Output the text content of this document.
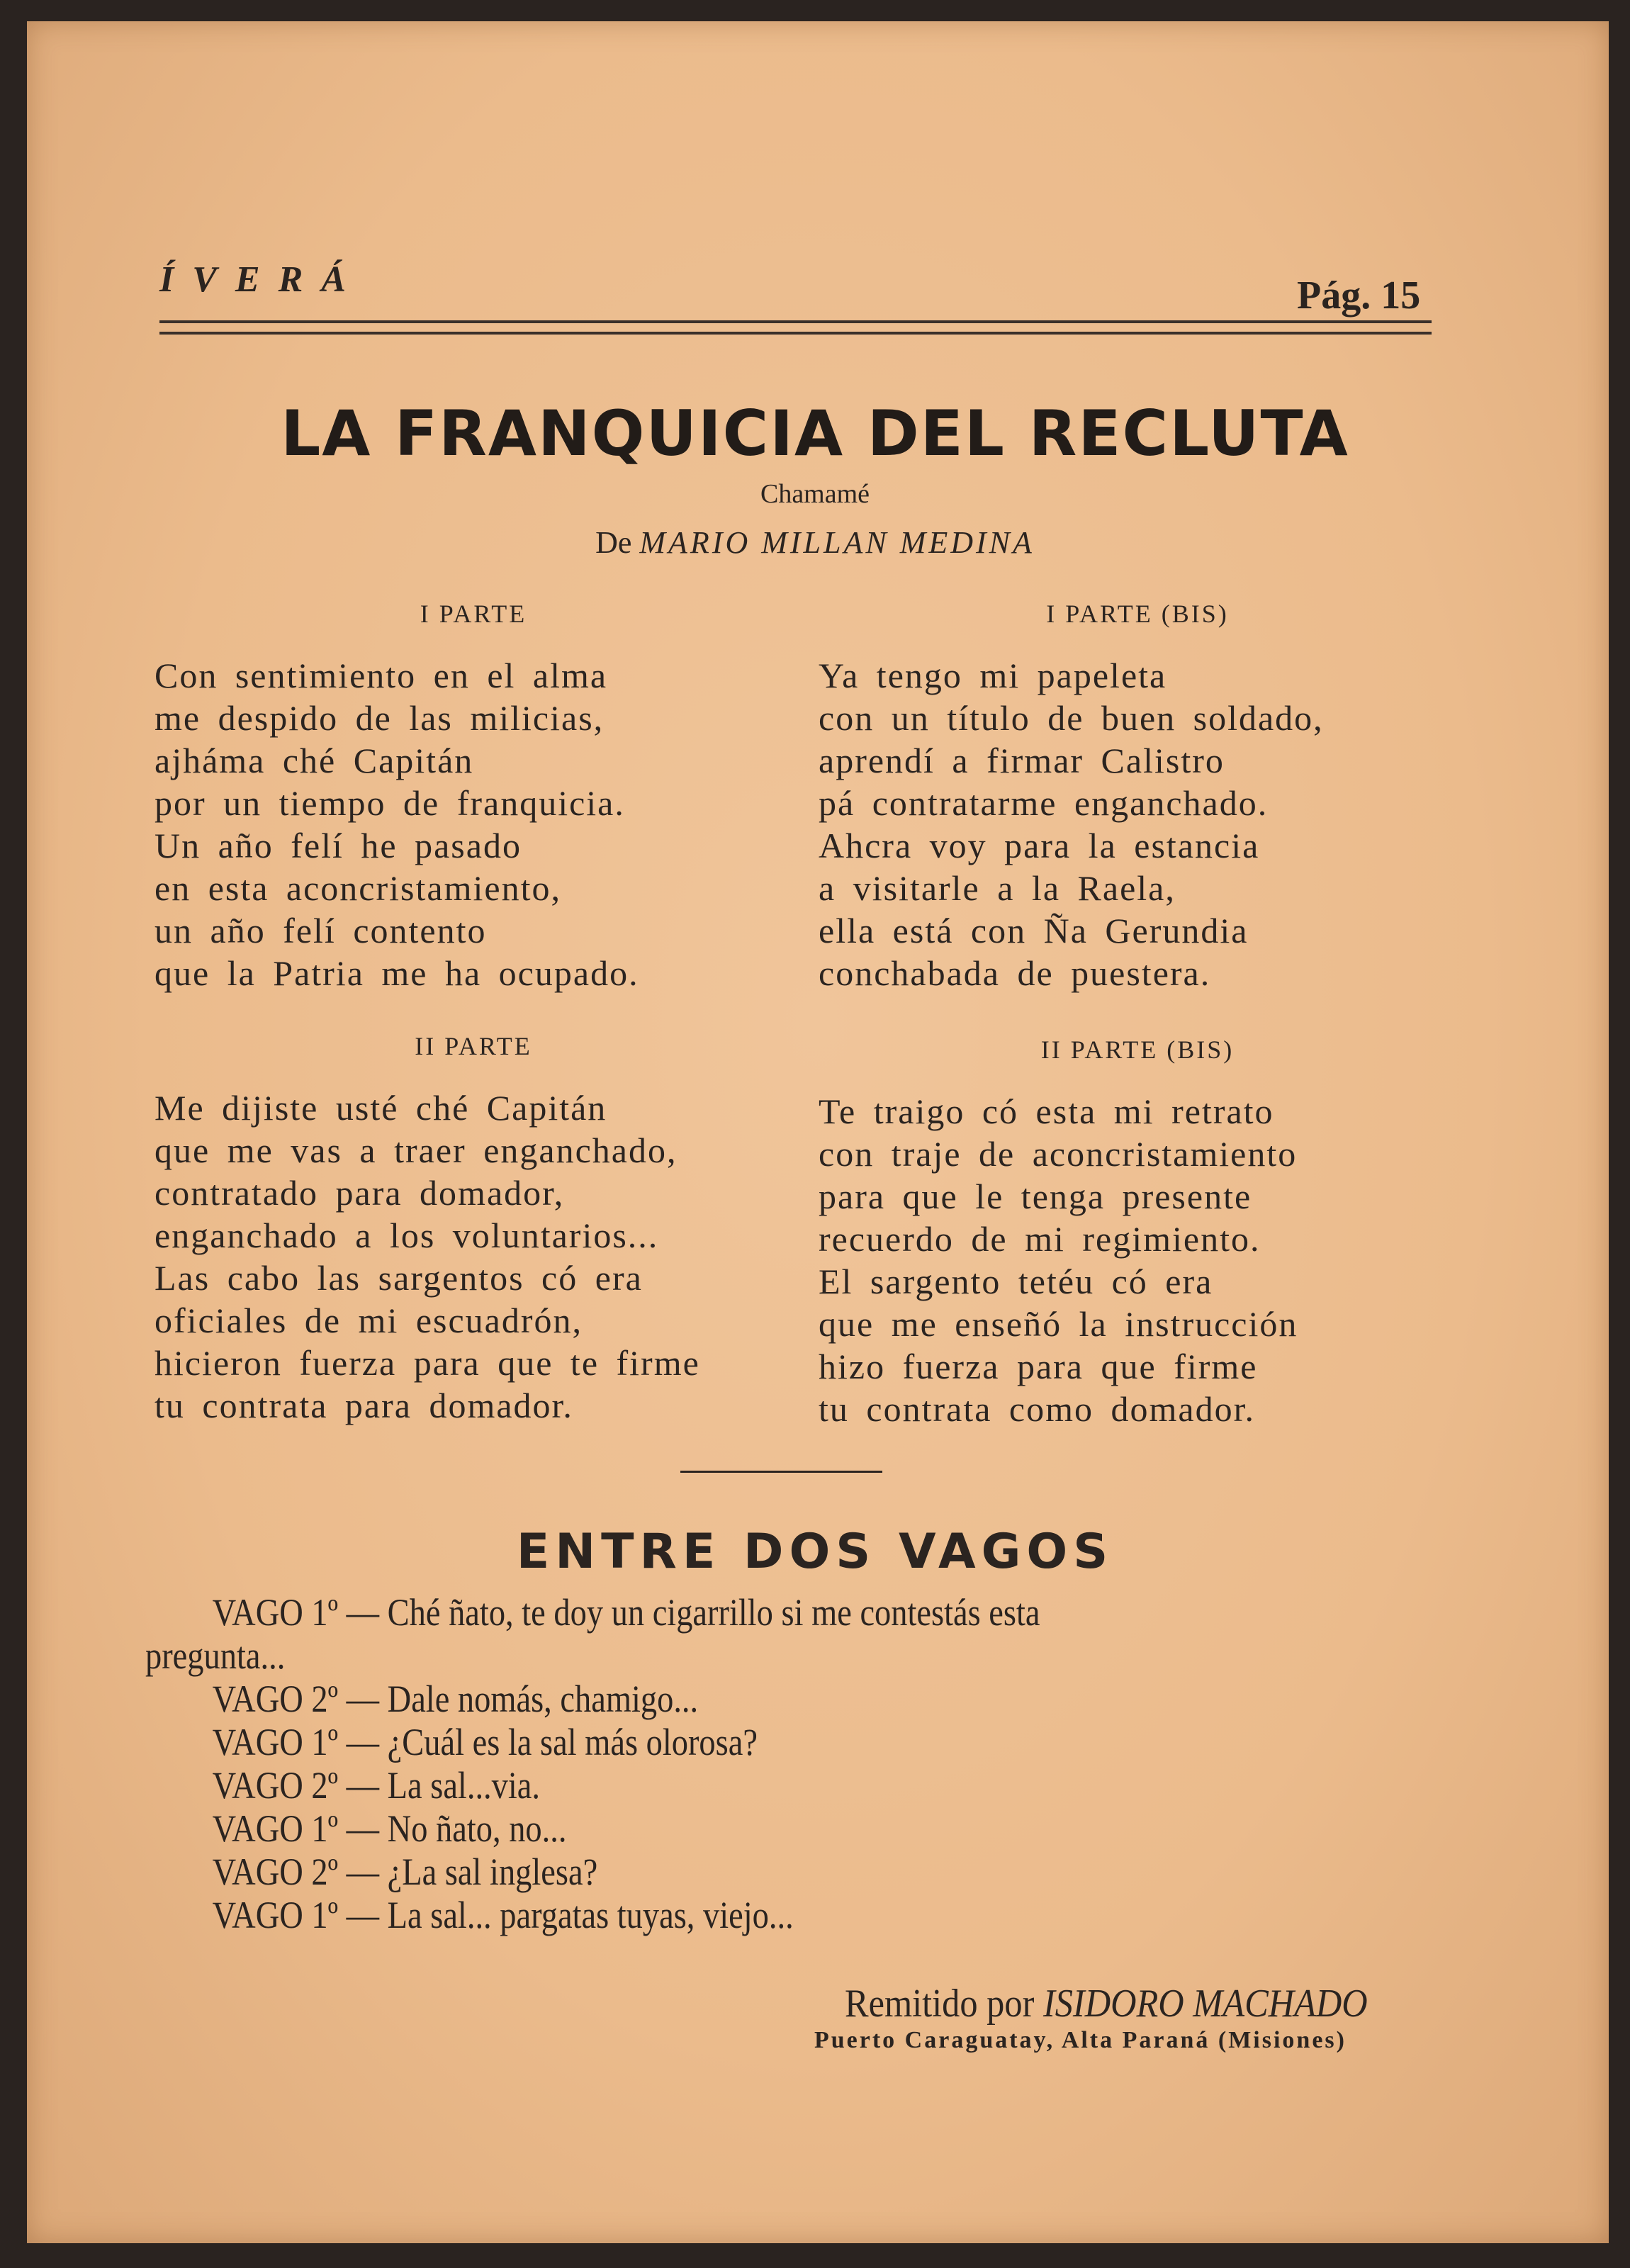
ÍVERÁ	Pág. 15
LA FRANQUICIA DEL RECLUTA
Chamamé
De MARIO MILLAN MEDINA
I PARTE
Con sentimiento en el alma
me despido de las milicias,
ajháma ché Capitán
por un tiempo de franquicia.
Un año felí he pasado
en esta aconcristamiento,
un año felí contento
que la Patria me ha ocupado.
I PARTE (BIS)
Ya tengo mi papeleta
con un título de buen soldado,
aprendí a firmar Calistro
pá contratarme enganchado.
Ahcra voy para la estancia
a visitarle a la Raela,
ella está con Ña Gerundia
conchabada de puestera.
II PARTE
Me dijiste usté ché Capitán
que me vas a traer enganchado,
contratado para domador,
enganchado a los voluntarios...
Las cabo las sargentos có era
oficiales de mi escuadrón,
hicieron fuerza para que te firme
tu contrata para domador.
II PARTE (BIS)
Te traigo có esta mi retrato
con traje de aconcristamiento
para que le tenga presente
recuerdo de mi regimiento.
El sargento tetéu có era
que me enseñó la instrucción
hizo fuerza para que firme
tu contrata como domador.
ENTRE DOS VAGOS
VAGO 1º — Ché ñato, te doy un cigarrillo si me contestás esta
pregunta...
VAGO 2º — Dale nomás, chamigo...
VAGO 1º — ¿Cuál es la sal más olorosa?
VAGO 2º — La sal...via.
VAGO 1º — No ñato, no...
VAGO 2º — ¿La sal inglesa?
VAGO 1º — La sal... pargatas tuyas, viejo...
Remitido por ISIDORO MACHADO
Puerto Caraguatay, Alta Paraná (Misiones)
